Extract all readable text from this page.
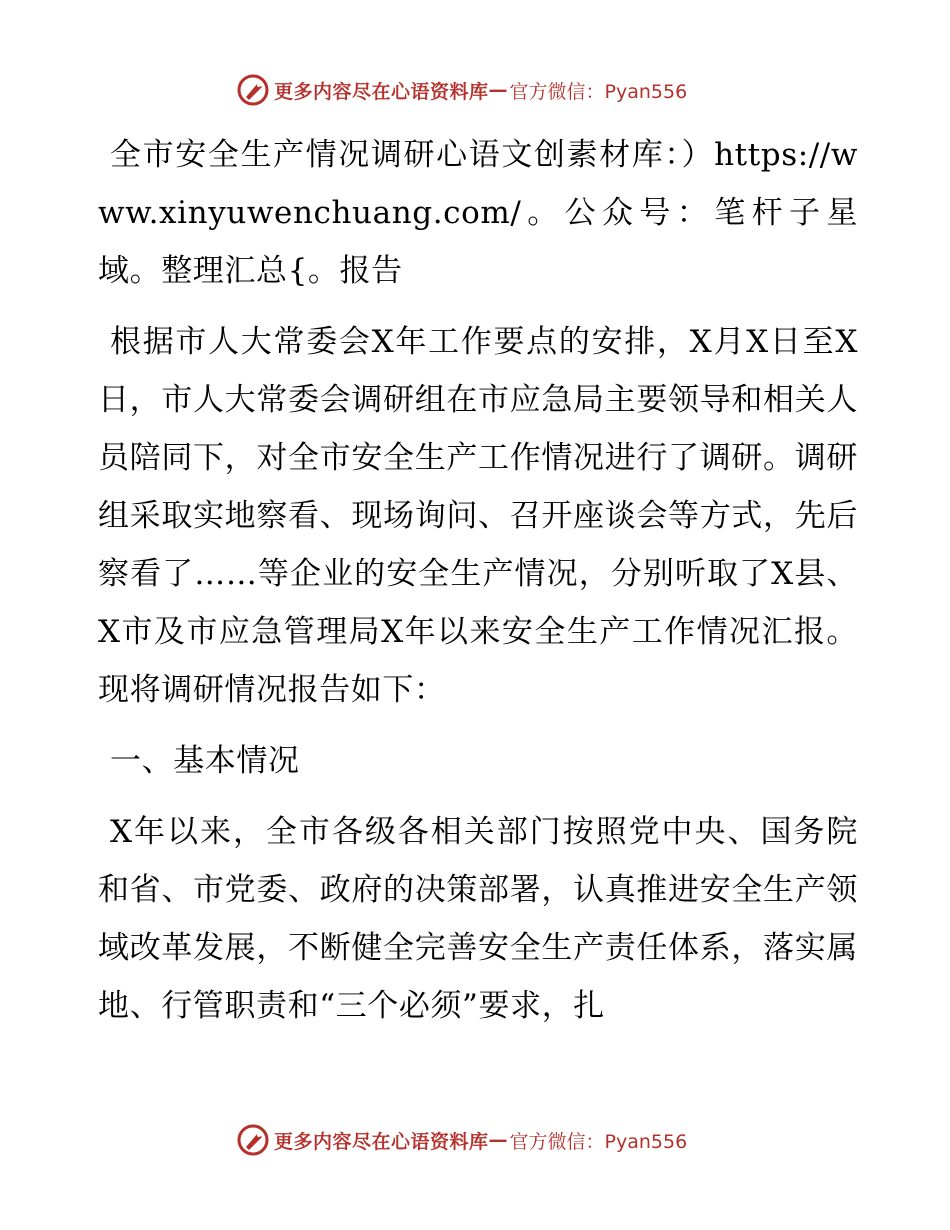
更多内容尽在心语资料库 — 官方微信：Pyan556

全市安全生产情况调研心语文创素材库：）https://www.xinyuwenchuang.com/。公众号：笔杆子星域。整理汇总{。报告

根据市人大常委会X年工作要点的安排，X月X日至X日，市人大常委会调研组在市应急局主要领导和相关人员陪同下，对全市安全生产工作情况进行了调研。调研组采取实地察看、现场询问、召开座谈会等方式，先后察看了……等企业的安全生产情况，分别听取了X县、X市及市应急管理局X年以来安全生产工作情况汇报。现将调研情况报告如下：

一、基本情况

X年以来，全市各级各相关部门按照党中央、国务院和省、市党委、政府的决策部署，认真推进安全生产领域改革发展，不断健全完善安全生产责任体系，落实属地、行管职责和“三个必须”要求，扎

更多内容尽在心语资料库 — 官方微信：Pyan556
